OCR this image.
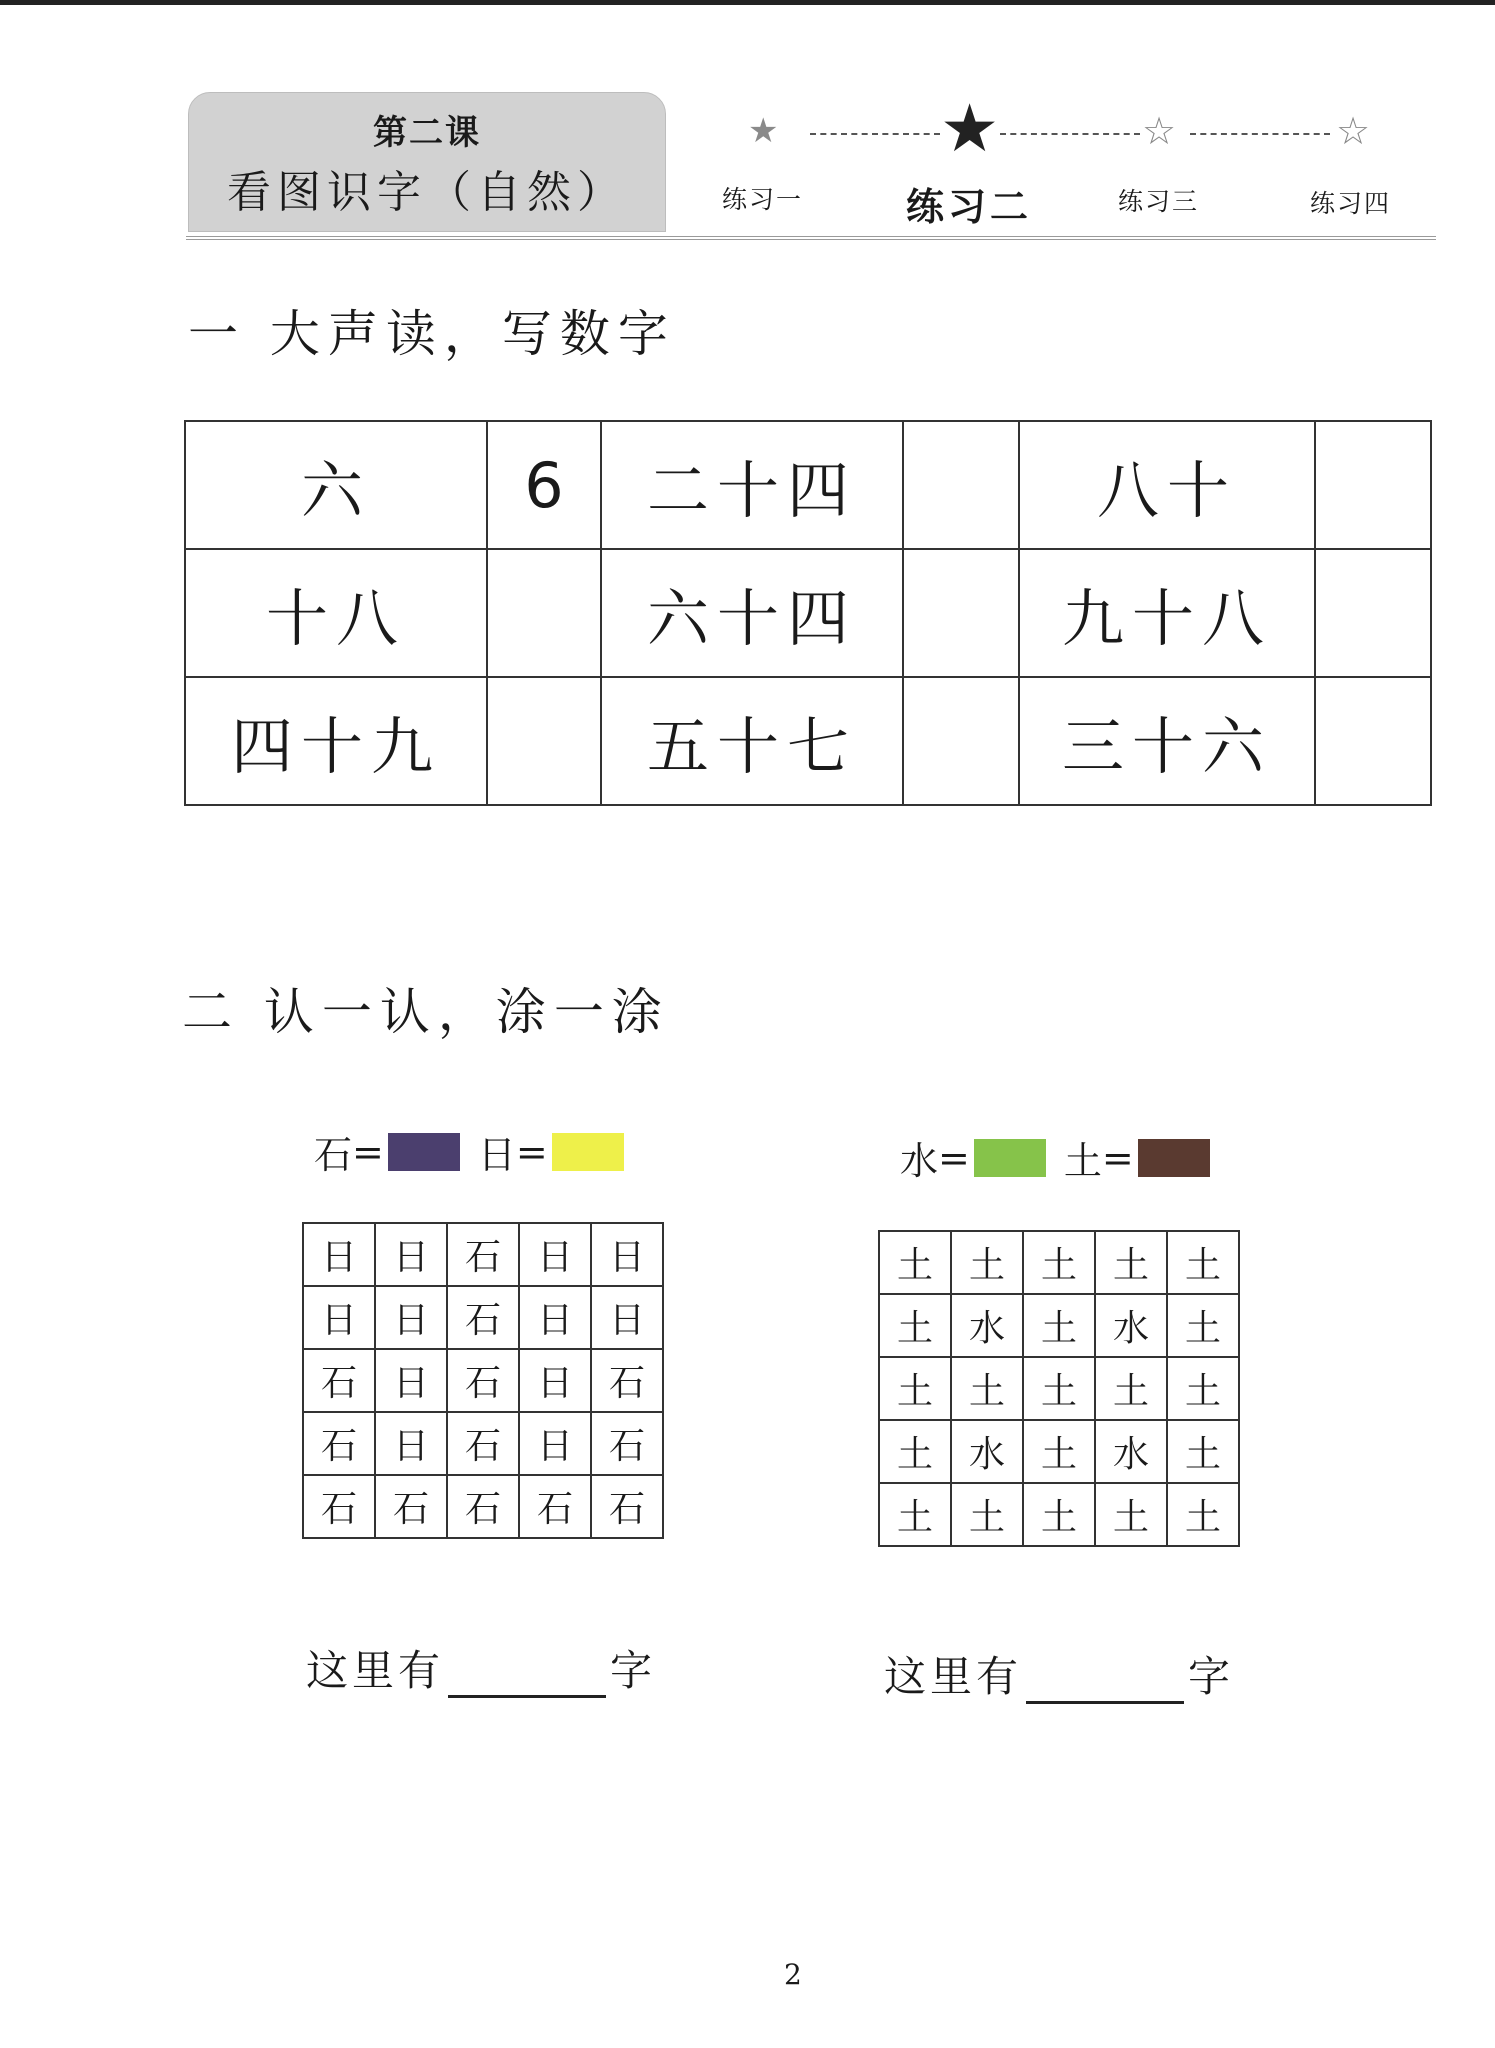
第二课
看图识字（自然）
★ ★	☆	☆
练习一	练习二	练习三	练习四
一 大声读，写数字
六	6	二十四		八十	
十八		六十四		九十八	
四十九		五十七		三十六	
二 认一认，涂一涂
石 = 日 =	水 = 土 =
日	日	石	日	日
日	日	石	日	日
石	日	石	日	石
石	日	石	日	石
石	石	石	石	石
土	土	土	土	土
土	水	土	水	土
土	土	土	土	土
土	水	土	水	土
土	土	土	土	土
这里有	字	这里有	字
2
